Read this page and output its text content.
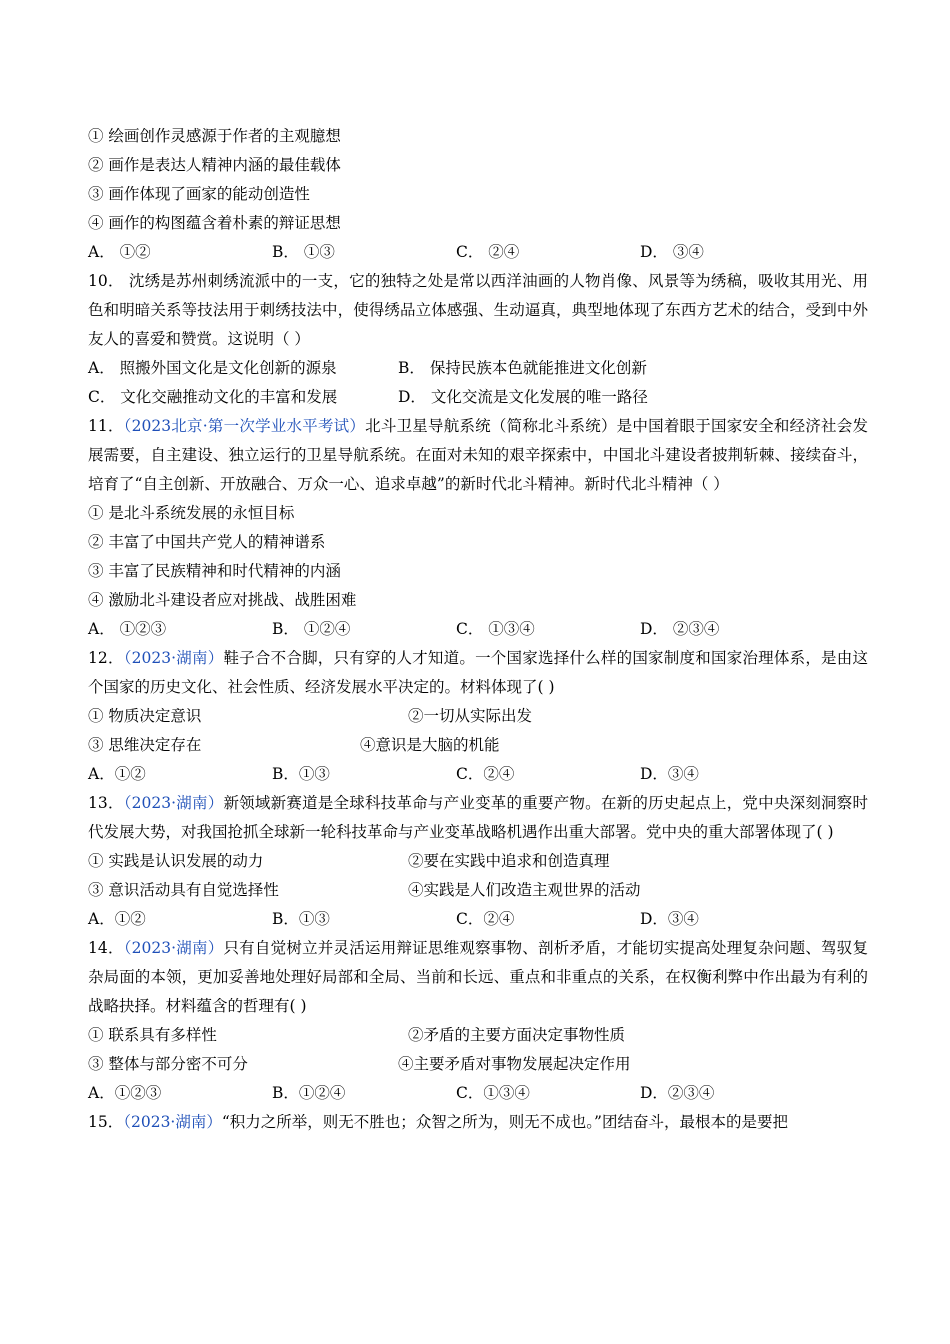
① 绘画创作灵感源于作者的主观臆想
② 画作是表达人精神内涵的最佳载体
③ 画作体现了画家的能动创造性
④ 画作的构图蕴含着朴素的辩证思想
A． ①②	B． ①③	C． ②④	D． ③④
10． 沈绣是苏州刺绣流派中的一支，它的独特之处是常以西洋油画的人物肖像、风景等为绣稿，吸收其用光、用色和明暗关系等技法用于刺绣技法中，使得绣品立体感强、生动逼真，典型地体现了东西方艺术的结合，受到中外友人的喜爱和赞赏。这说明（ ）
A． 照搬外国文化是文化创新的源泉	B． 保持民族本色就能推进文化创新
C． 文化交融推动文化的丰富和发展	D． 文化交流是文化发展的唯一路径
11．（2023北京·第一次学业水平考试）北斗卫星导航系统（简称北斗系统）是中国着眼于国家安全和经济社会发展需要，自主建设、独立运行的卫星导航系统。在面对未知的艰辛探索中，中国北斗建设者披荆斩棘、接续奋斗，培育了“自主创新、开放融合、万众一心、追求卓越”的新时代北斗精神。新时代北斗精神（ ）
① 是北斗系统发展的永恒目标
② 丰富了中国共产党人的精神谱系
③ 丰富了民族精神和时代精神的内涵
④ 激励北斗建设者应对挑战、战胜困难
A． ①②③	B． ①②④	C． ①③④	D． ②③④
12．（2023·湖南）鞋子合不合脚，只有穿的人才知道。一个国家选择什么样的国家制度和国家治理体系，是由这个国家的历史文化、社会性质、经济发展水平决定的。材料体现了( )
① 物质决定意识	②一切从实际出发
③ 思维决定存在	④意识是大脑的机能
A．①②	B．①③	C．②④	D．③④
13．（2023·湖南）新领域新赛道是全球科技革命与产业变革的重要产物。在新的历史起点上，党中央深刻洞察时代发展大势，对我国抢抓全球新一轮科技革命与产业变革战略机遇作出重大部署。党中央的重大部署体现了( )
① 实践是认识发展的动力	②要在实践中追求和创造真理
③ 意识活动具有自觉选择性	④实践是人们改造主观世界的活动
A．①②	B．①③	C．②④	D．③④
14．（2023·湖南）只有自觉树立并灵活运用辩证思维观察事物、剖析矛盾，才能切实提高处理复杂问题、驾驭复杂局面的本领，更加妥善地处理好局部和全局、当前和长远、重点和非重点的关系，在权衡利弊中作出最为有利的战略抉择。材料蕴含的哲理有( )
① 联系具有多样性	②矛盾的主要方面决定事物性质
③ 整体与部分密不可分	④主要矛盾对事物发展起决定作用
A．①②③	B．①②④	C．①③④	D．②③④
15．（2023·湖南）“积力之所举，则无不胜也；众智之所为，则无不成也。”团结奋斗，最根本的是要把
